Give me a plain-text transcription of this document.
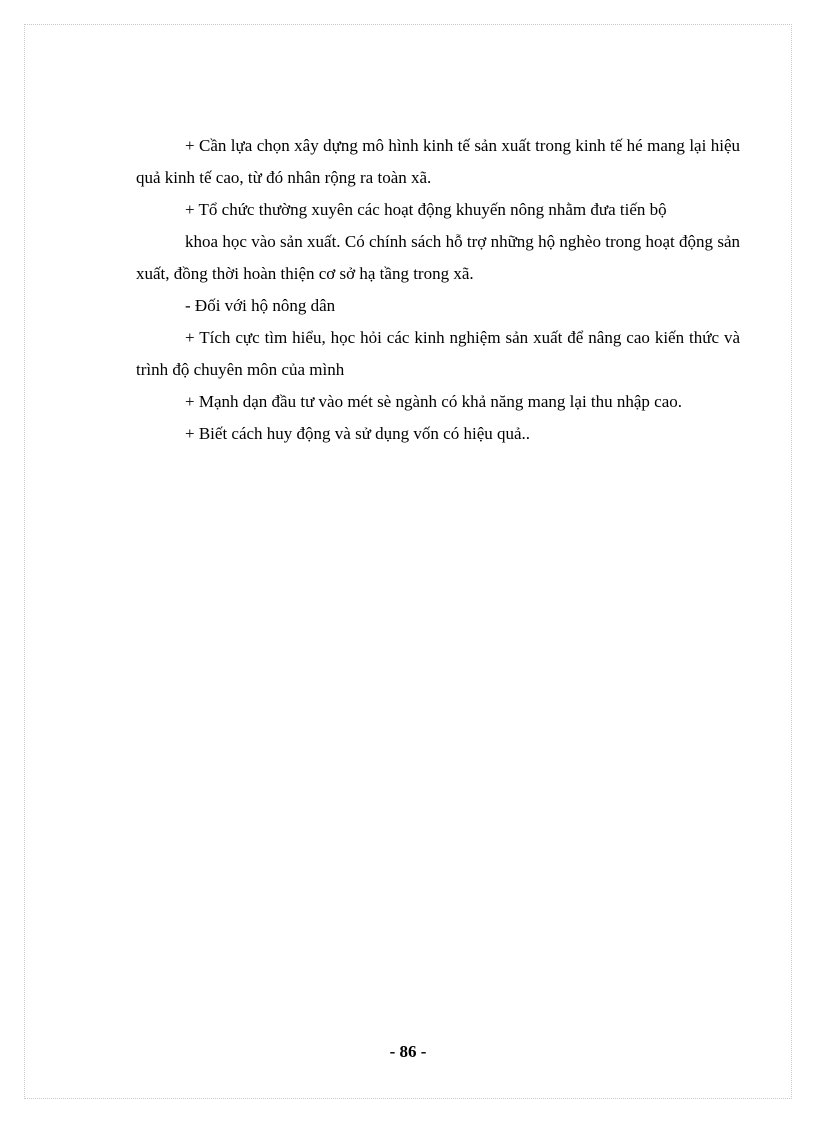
+ Cần lựa chọn xây dựng mô hình kinh tế sản xuất trong kinh tế hé mang lại hiệu quả kinh tế cao, từ đó nhân rộng ra toàn xã.

+ Tổ chức thường xuyên các hoạt động khuyến nông nhằm đưa tiến bộ

khoa học vào sản xuất. Có chính sách hỗ trợ những hộ nghèo trong hoạt động sản xuất, đồng thời hoàn thiện cơ sở hạ tầng trong xã.

- Đối với hộ nông dân

+ Tích cực tìm hiểu, học hỏi các kinh nghiệm sản xuất để nâng cao kiến thức và trình độ chuyên môn của mình

+ Mạnh dạn đầu tư vào mét sè ngành có khả năng mang lại thu nhập cao.

+ Biết cách huy động và sử dụng vốn có hiệu quả..

- 86 -
